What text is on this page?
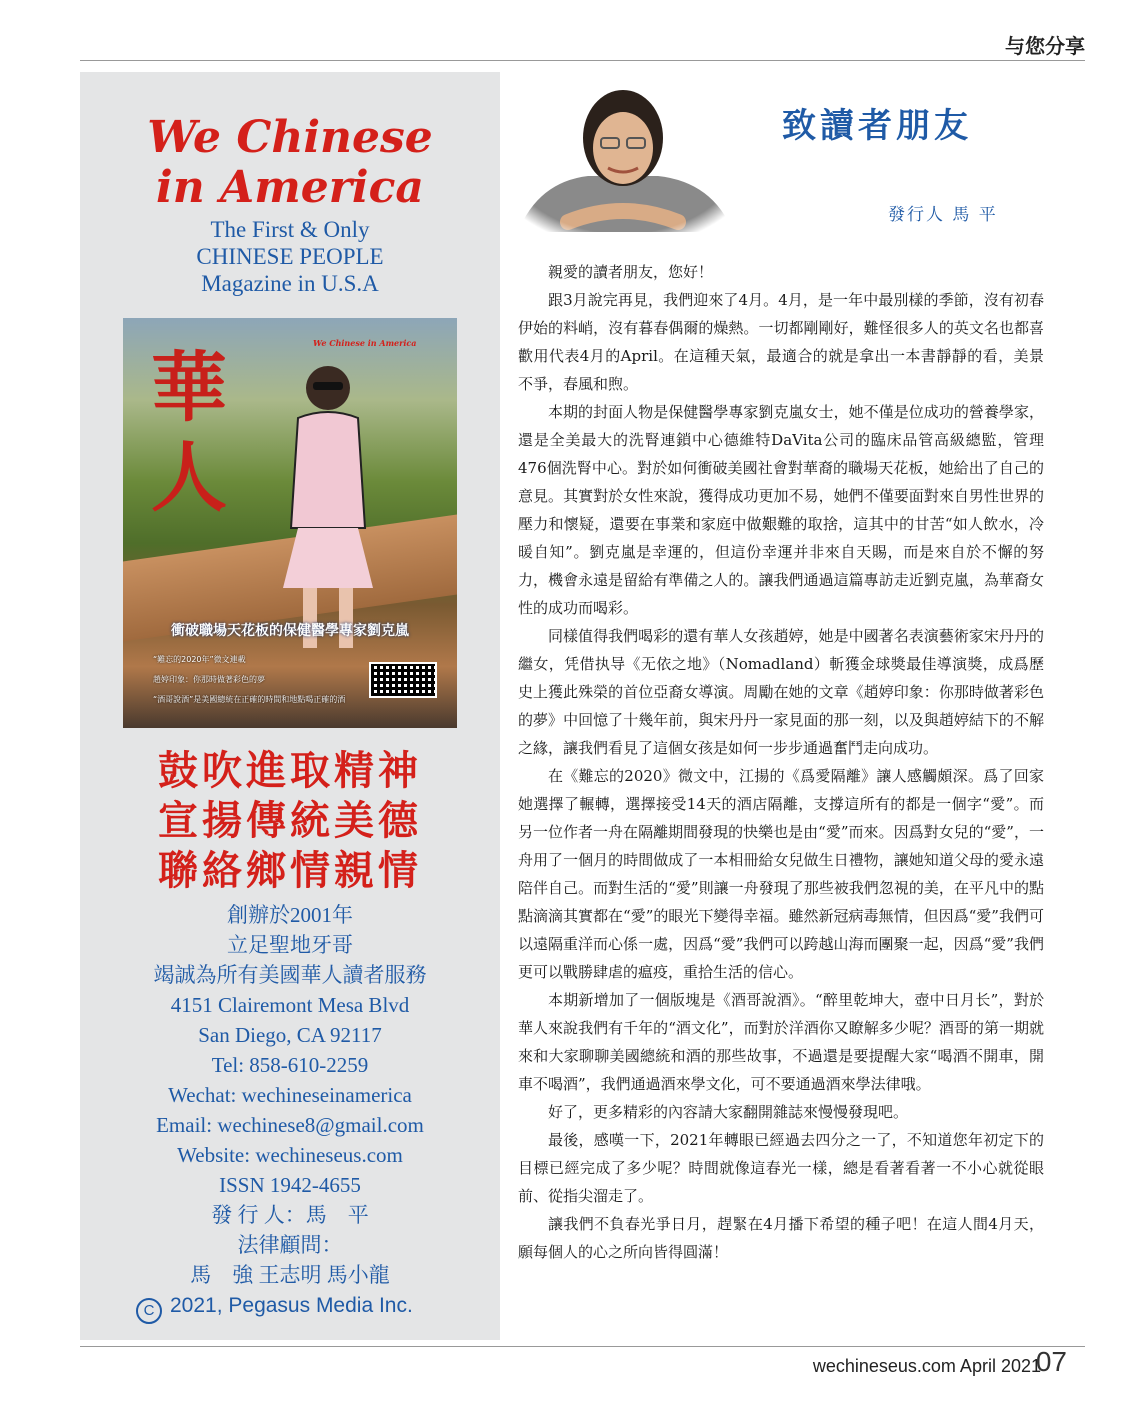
与您分享
We Chinese
in America
The First & Only
CHINESE PEOPLE
Magazine in U.S.A
We Chinese in America
華
人
衝破職場天花板的保健醫學專家劉克嵐
“難忘的2020年”微文連載
趙婷印象：你那時做著彩色的夢
“酒哥說酒”是美國總統在正確的時間和地點喝正確的酒
鼓吹進取精神
宣揚傳統美德
聯絡鄉情親情
創辦於2001年
立足聖地牙哥
竭誠為所有美國華人讀者服務
4151 Clairemont Mesa Blvd
San Diego, CA 92117
Tel: 858-610-2259
Wechat: wechineseinamerica
Email: wechinese8@gmail.com
Website: wechineseus.com
ISSN 1942-4655
發 行 人：馬　平
法律顧問：
馬　強 王志明 馬小龍
C 2021, Pegasus Media Inc.
致讀者朋友
發行人 馬 平

親愛的讀者朋友，您好！

跟3月說完再見，我們迎來了4月。4月，是一年中最別樣的季節，沒有初春伊始的料峭，沒有暮春偶爾的燥熱。一切都剛剛好，難怪很多人的英文名也都喜歡用代表4月的April。在這種天氣，最適合的就是拿出一本書靜靜的看，美景不爭，春風和煦。

本期的封面人物是保健醫學專家劉克嵐女士，她不僅是位成功的營養學家，還是全美最大的洗腎連鎖中心德維特DaVita公司的臨床品管高級總監，管理476個洗腎中心。對於如何衝破美國社會對華裔的職場天花板，她給出了自己的意見。其實對於女性來說，獲得成功更加不易，她們不僅要面對來自男性世界的壓力和懷疑，還要在事業和家庭中做艱難的取捨，這其中的甘苦“如人飲水，冷暖自知”。劉克嵐是幸運的，但這份幸運并非來自天賜，而是來自於不懈的努力，機會永遠是留給有準備之人的。讓我們通過這篇專訪走近劉克嵐，為華裔女性的成功而喝彩。

同樣值得我們喝彩的還有華人女孩趙婷，她是中國著名表演藝術家宋丹丹的繼女，凭借执导《无依之地》（Nomadland）斬獲金球獎最佳導演獎，成爲歷史上獲此殊榮的首位亞裔女導演。周勵在她的文章《趙婷印象：你那時做著彩色的夢》中回憶了十幾年前，與宋丹丹一家見面的那一刻，以及與趙婷結下的不解之緣，讓我們看見了這個女孩是如何一步步通過奮鬥走向成功。

在《難忘的2020》微文中，江揚的《爲愛隔離》讓人感觸頗深。爲了回家她選擇了輾轉，選擇接受14天的酒店隔離，支撐這所有的都是一個字“愛”。而另一位作者一舟在隔離期間發現的快樂也是由“愛”而來。因爲對女兒的“愛”，一舟用了一個月的時間做成了一本相冊給女兒做生日禮物，讓她知道父母的愛永遠陪伴自己。而對生活的“愛”則讓一舟發現了那些被我們忽視的美，在平凡中的點點滴滴其實都在“愛”的眼光下變得幸福。雖然新冠病毒無情，但因爲“愛”我們可以遠隔重洋而心係一處，因爲“愛”我們可以跨越山海而團聚一起，因爲“愛”我們更可以戰勝肆虐的瘟疫，重拾生活的信心。

本期新增加了一個版塊是《酒哥說酒》。“醉里乾坤大，壺中日月长”，對於華人來說我們有千年的“酒文化”，而對於洋酒你又瞭解多少呢？酒哥的第一期就來和大家聊聊美國總統和酒的那些故事，不過還是要提醒大家“喝酒不開車，開車不喝酒”，我們通過酒來學文化，可不要通過酒來學法律哦。

好了，更多精彩的內容請大家翻開雜誌來慢慢發現吧。

最後，感嘆一下，2021年轉眼已經過去四分之一了，不知道您年初定下的目標已經完成了多少呢？時間就像這春光一樣，總是看著看著一不小心就從眼前、從指尖溜走了。

讓我們不負春光爭日月，趕緊在4月播下希望的種子吧！在這人間4月天，願每個人的心之所向皆得圓滿！

wechineseus.com April 2021
07
